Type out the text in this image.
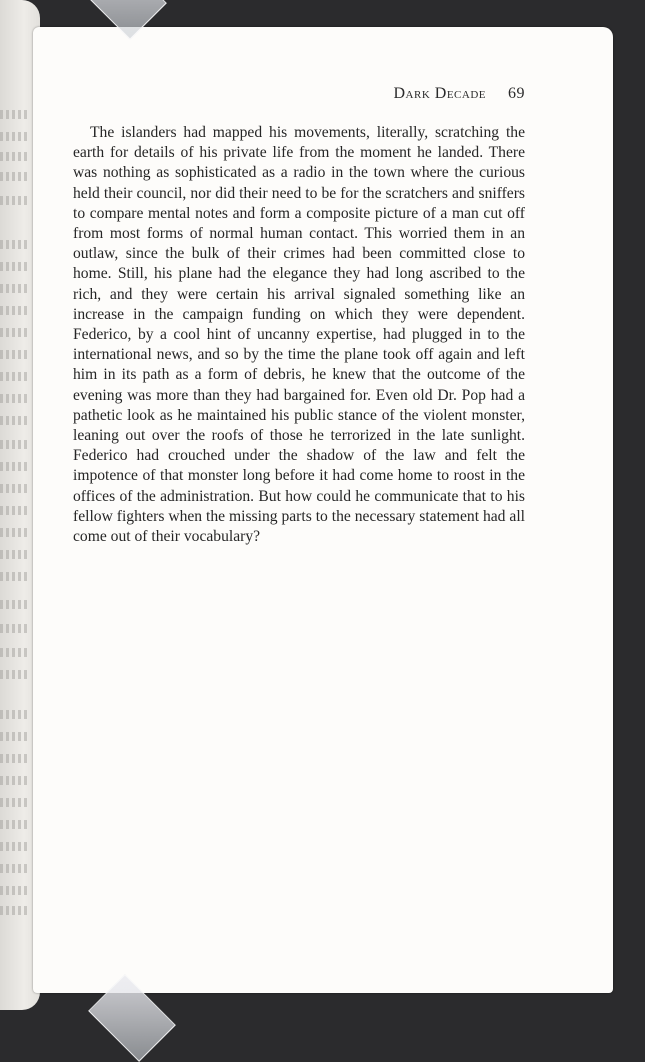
Dark Decade 69

The islanders had mapped his movements, literally, scratching the earth for details of his private life from the moment he landed. There was nothing as sophisticated as a radio in the town where the curious held their council, nor did their need to be for the scratchers and sniffers to compare mental notes and form a composite picture of a man cut off from most forms of normal human contact. This worried them in an outlaw, since the bulk of their crimes had been committed close to home. Still, his plane had the elegance they had long ascribed to the rich, and they were certain his arrival signaled something like an increase in the campaign funding on which they were dependent. Federico, by a cool hint of uncanny expertise, had plugged in to the international news, and so by the time the plane took off again and left him in its path as a form of debris, he knew that the outcome of the evening was more than they had bargained for. Even old Dr. Pop had a pathetic look as he maintained his public stance of the violent monster, leaning out over the roofs of those he terrorized in the late sunlight. Federico had crouched under the shadow of the law and felt the impotence of that monster long before it had come home to roost in the offices of the administration. But how could he communicate that to his fellow fighters when the missing parts to the necessary statement had all come out of their vocabulary?
